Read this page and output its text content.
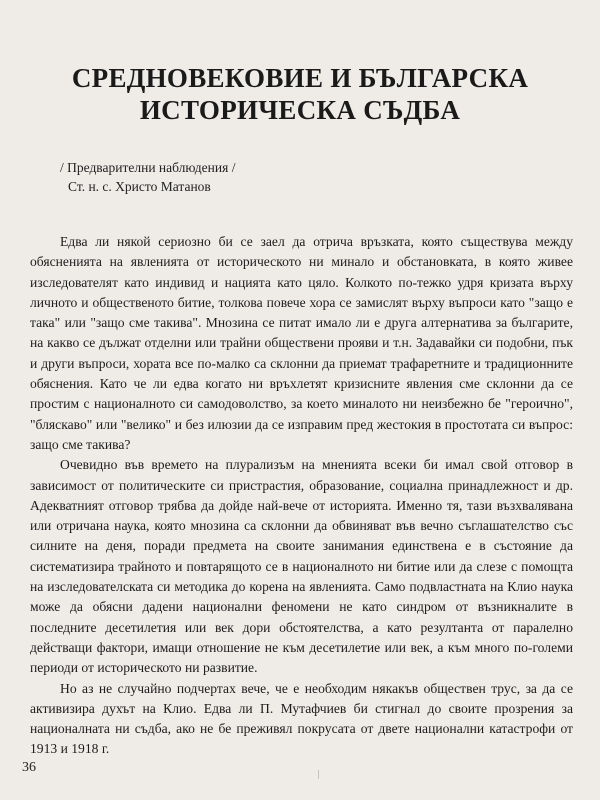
СРЕДНОВЕКОВИЕ И БЪЛГАРСКА
ИСТОРИЧЕСКА СЪДБА
/ Предварителни наблюдения /
Ст. н. с. Христо Матанов

Едва ли някой сериозно би се заел да отрича връзката, която съществува между обясненията на явленията от историческото ни минало и обстановката, в която живее изследователят като индивид и нацията като цяло. Колкото по-тежко удря кризата върху личното и общественото битие, толкова повече хора се замислят върху въпроси като "защо е така" или "защо сме такива". Мнозина се питат имало ли е друга алтернатива за българите, на какво се дължат отделни или трайни обществени прояви и т.н. Задавайки си подобни, пък и други въпроси, хората все по-малко са склонни да приемат трафаретните и традиционните обяснения. Като че ли едва когато ни връхлетят кризисните явления сме склонни да се простим с националното си самодоволство, за което миналото ни неизбежно бе "героично", "бляскаво" или "велико" и без илюзии да се изправим пред жестокия в простотата си въпрос: защо сме такива?

Очевидно във времето на плурализъм на мненията всеки би имал свой отговор в зависимост от политическите си пристрастия, образование, социална принадлежност и др. Адекватният отговор трябва да дойде най-вече от историята. Именно тя, тази възхвалявана или отричана наука, която мнозина са склонни да обвиняват във вечно съглашателство със силните на деня, поради предмета на своите занимания единствена е в състояние да систематизира трайното и повтарящото се в националното ни битие или да слезе с помощта на изследователската си методика до корена на явленията. Само подвластната на Клио наука може да обясни дадени национални феномени не като синдром от възникналите в последните десетилетия или век дори обстоятелства, а като резултанта от паралелно действащи фактори, имащи отношение не към десетилетие или век, а към много по-големи периоди от историческото ни развитие.

Но аз не случайно подчертах вече, че е необходим някакъв обществен трус, за да се активизира духът на Клио. Едва ли П. Мутафчиев би стигнал до своите прозрения за националната ни съдба, ако не бе преживял покрусата от двете национални катастрофи от 1913 и 1918 г.

36
